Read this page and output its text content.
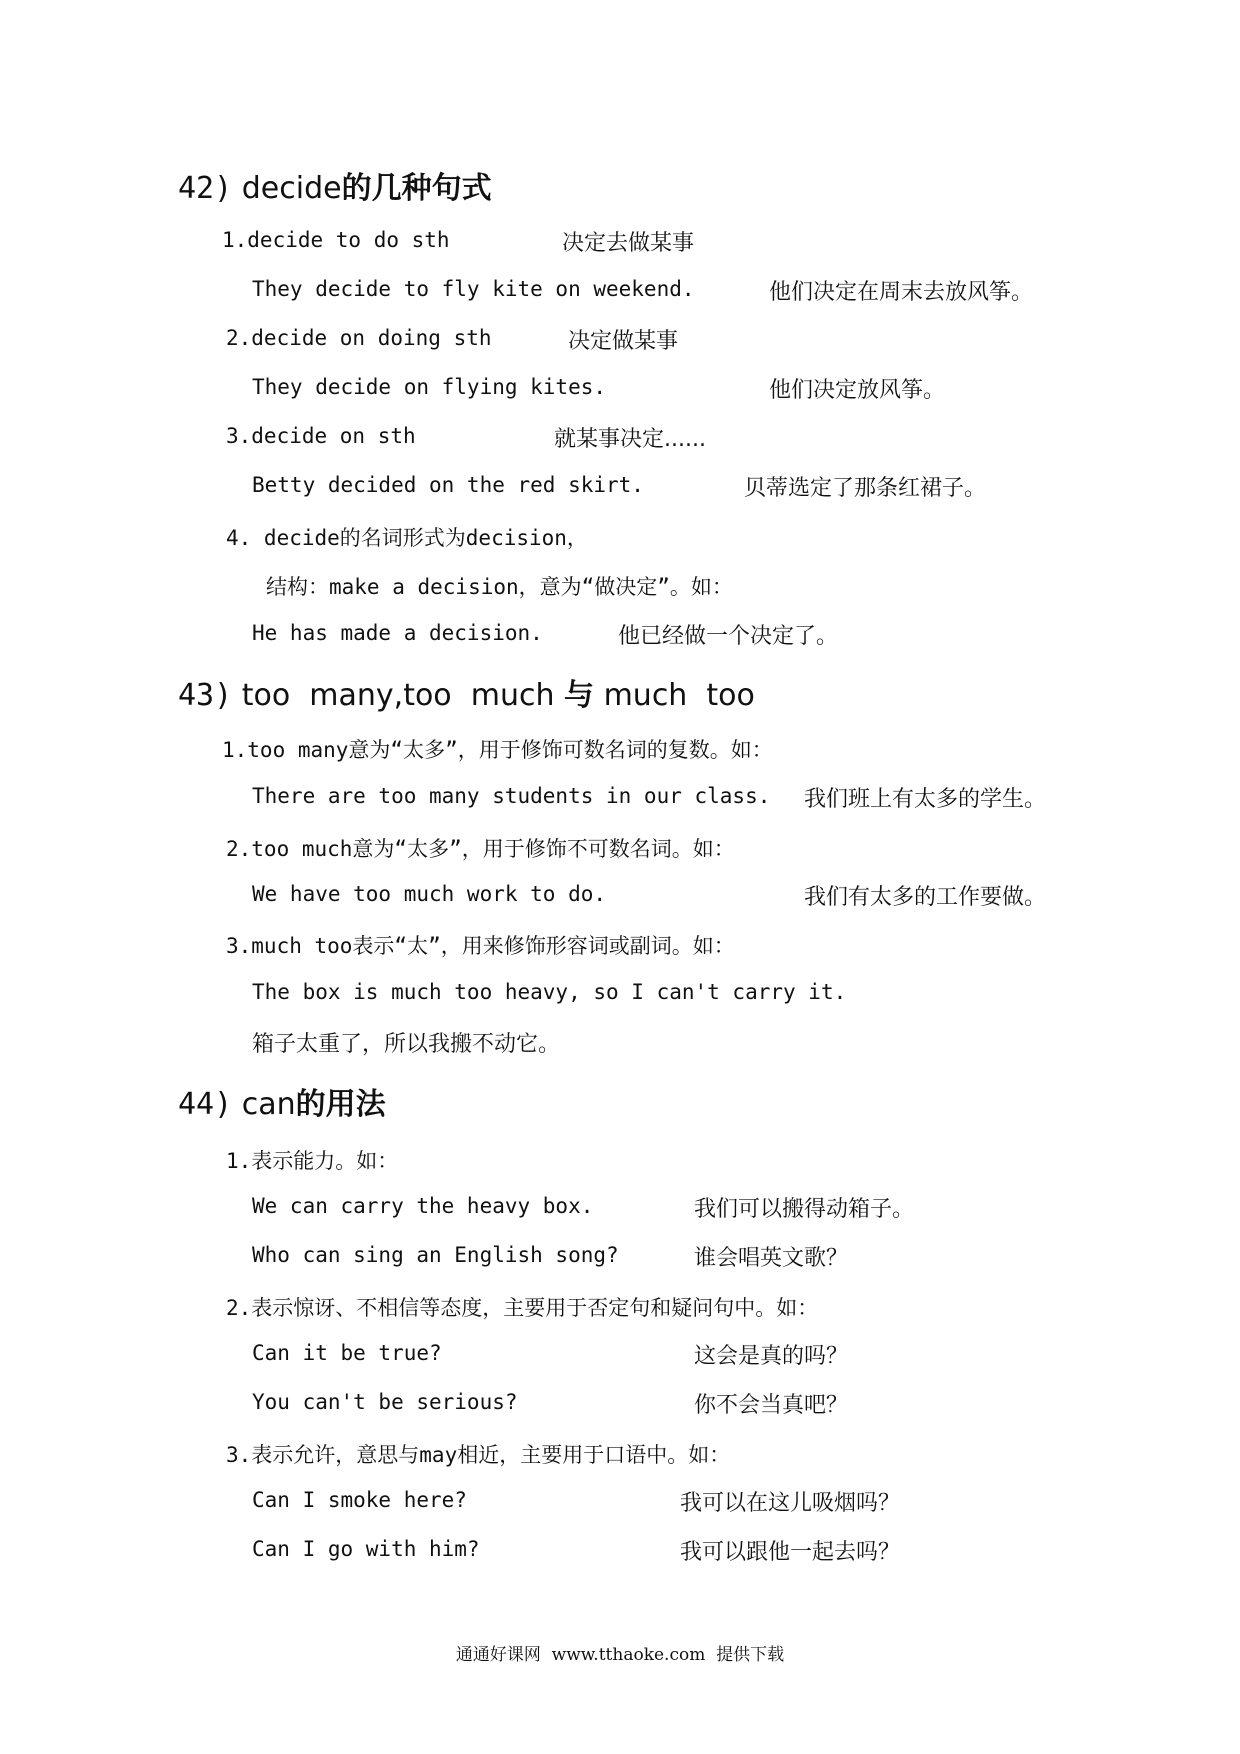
42) decide的几种句式
1.decide to do sth	决定去做某事
They decide to fly kite on weekend.	他们决定在周末去放风筝。
2.decide on doing sth	决定做某事
They decide on flying kites.	他们决定放风筝。
3.decide on sth	就某事决定......
Betty decided on the red skirt.	贝蒂选定了那条红裙子。
4. decide的名词形式为decision，
结构：make a decision，意为“做决定”。如：
He has made a decision.	他已经做一个决定了。
43) too  many,too  much 与 much  too
1.too many意为“太多”，用于修饰可数名词的复数。如：
There are too many students in our class. 我们班上有太多的学生。
2.too much意为“太多”，用于修饰不可数名词。如：
We have too much work to do.	我们有太多的工作要做。
3.much too表示“太”，用来修饰形容词或副词。如：
The box is much too heavy, so I can't carry it.
箱子太重了，所以我搬不动它。
44) can的用法
1.表示能力。如：
We can carry the heavy box.	我们可以搬得动箱子。
Who can sing an English song?	谁会唱英文歌？
2.表示惊讶、不相信等态度，主要用于否定句和疑问句中。如：
Can it be true?	这会是真的吗？
You can't be serious?	你不会当真吧？
3.表示允许，意思与may相近，主要用于口语中。如：
Can I smoke here?	我可以在这儿吸烟吗？
Can I go with him?	我可以跟他一起去吗？
通通好课网  www.tthaoke.com  提供下载
